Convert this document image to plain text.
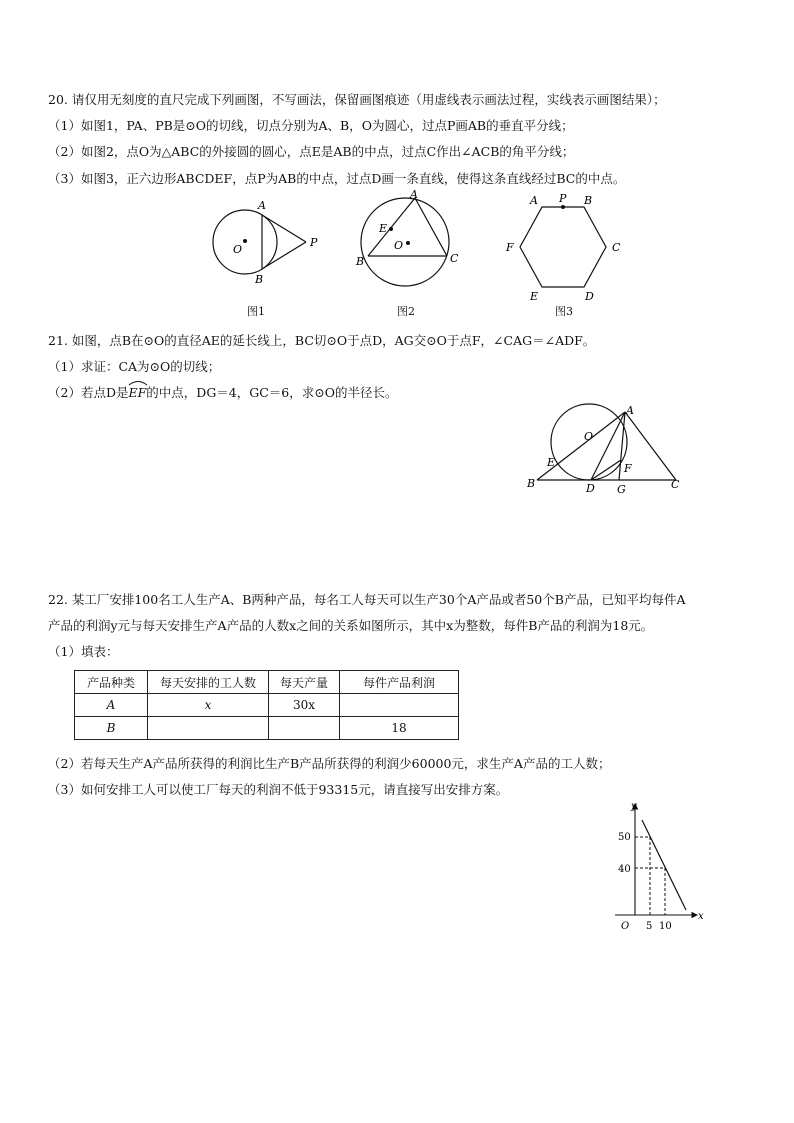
20. 请仅用无刻度的直尺完成下列画图，不写画法，保留画图痕迹（用虚线表示画法过程，实线表示画图结果）；
（1）如图1，PA、PB是⊙O的切线，切点分别为A、B，O为圆心，过点P画AB的垂直平分线；
（2）如图2，点O为△ABC的外接圆的圆心，点E是AB的中点，过点C作出∠ACB的角平分线；
（3）如图3，正六边形ABCDEF，点P为AB的中点，过点D画一条直线，使得这条直线经过BC的中点。
A
O
P
B
图1
A
E
O
B	C
图2
A P B
F	C
E	D
图3
21. 如图，点B在⊙O的直径AE的延长线上，BC切⊙O于点D，AG交⊙O于点F，∠CAG＝∠ADF。
（1）求证：CA为⊙O的切线；
（2）若点D是
EF的中点，DG＝4，GC＝6，求⊙O的半径长。
A
O
E	F
B	D G	C
22. 某工厂安排100名工人生产A、B两种产品，每名工人每天可以生产30个A产品或者50个B产品，已知平均每件A
产品的利润y元与每天安排生产A产品的人数x之间的关系如图所示，其中x为整数，每件B产品的利润为18元。
（1）填表：
产品种类	每天安排的工人数	每天产量	每件产品利润
A	x	30x	
B			18
（2）若每天生产A产品所获得的利润比生产B产品所获得的利润少60000元，求生产A产品的工人数；
（3）如何安排工人可以使工厂每天的利润不低于93315元，请直接写出安排方案。
y
x
50
40
O 5 10
